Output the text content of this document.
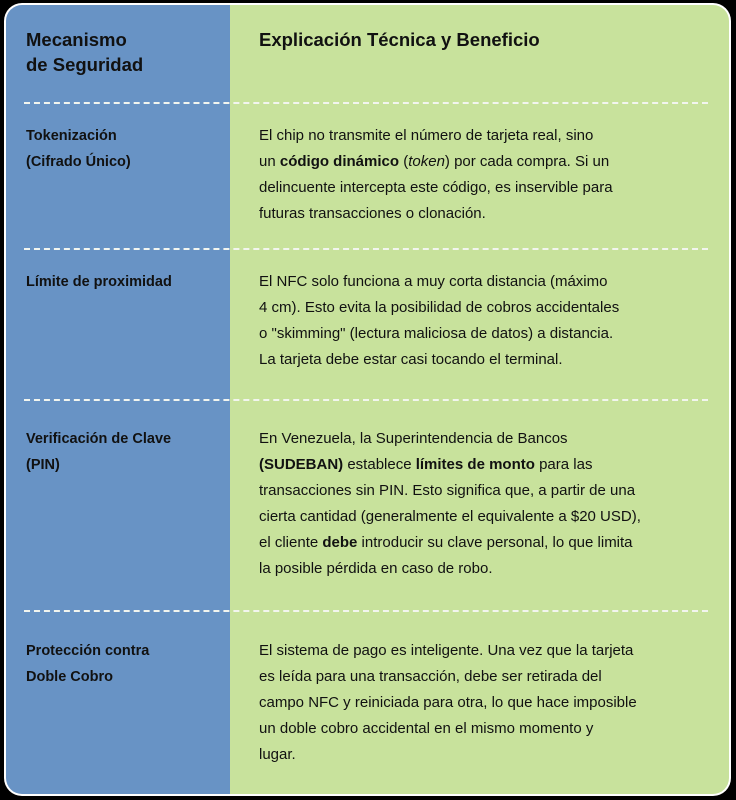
Mecanismo
de Seguridad
Explicación Técnica y Beneficio
Tokenización
(Cifrado Único)
El chip no transmite el número de tarjeta real, sino
un código dinámico (token) por cada compra. Si un
delincuente intercepta este código, es inservible para
futuras transacciones o clonación.
Límite de proximidad	El NFC solo funciona a muy corta distancia (máximo
4 cm). Esto evita la posibilidad de cobros accidentales
o "skimming" (lectura maliciosa de datos) a distancia.
La tarjeta debe estar casi tocando el terminal.
Verificación de Clave
(PIN)
En Venezuela, la Superintendencia de Bancos
(SUDEBAN) establece límites de monto para las
transacciones sin PIN. Esto significa que, a partir de una
cierta cantidad (generalmente el equivalente a $20 USD),
el cliente debe introducir su clave personal, lo que limita
la posible pérdida en caso de robo.
Protección contra
Doble Cobro
El sistema de pago es inteligente. Una vez que la tarjeta
es leída para una transacción, debe ser retirada del
campo NFC y reiniciada para otra, lo que hace imposible
un doble cobro accidental en el mismo momento y
lugar.
